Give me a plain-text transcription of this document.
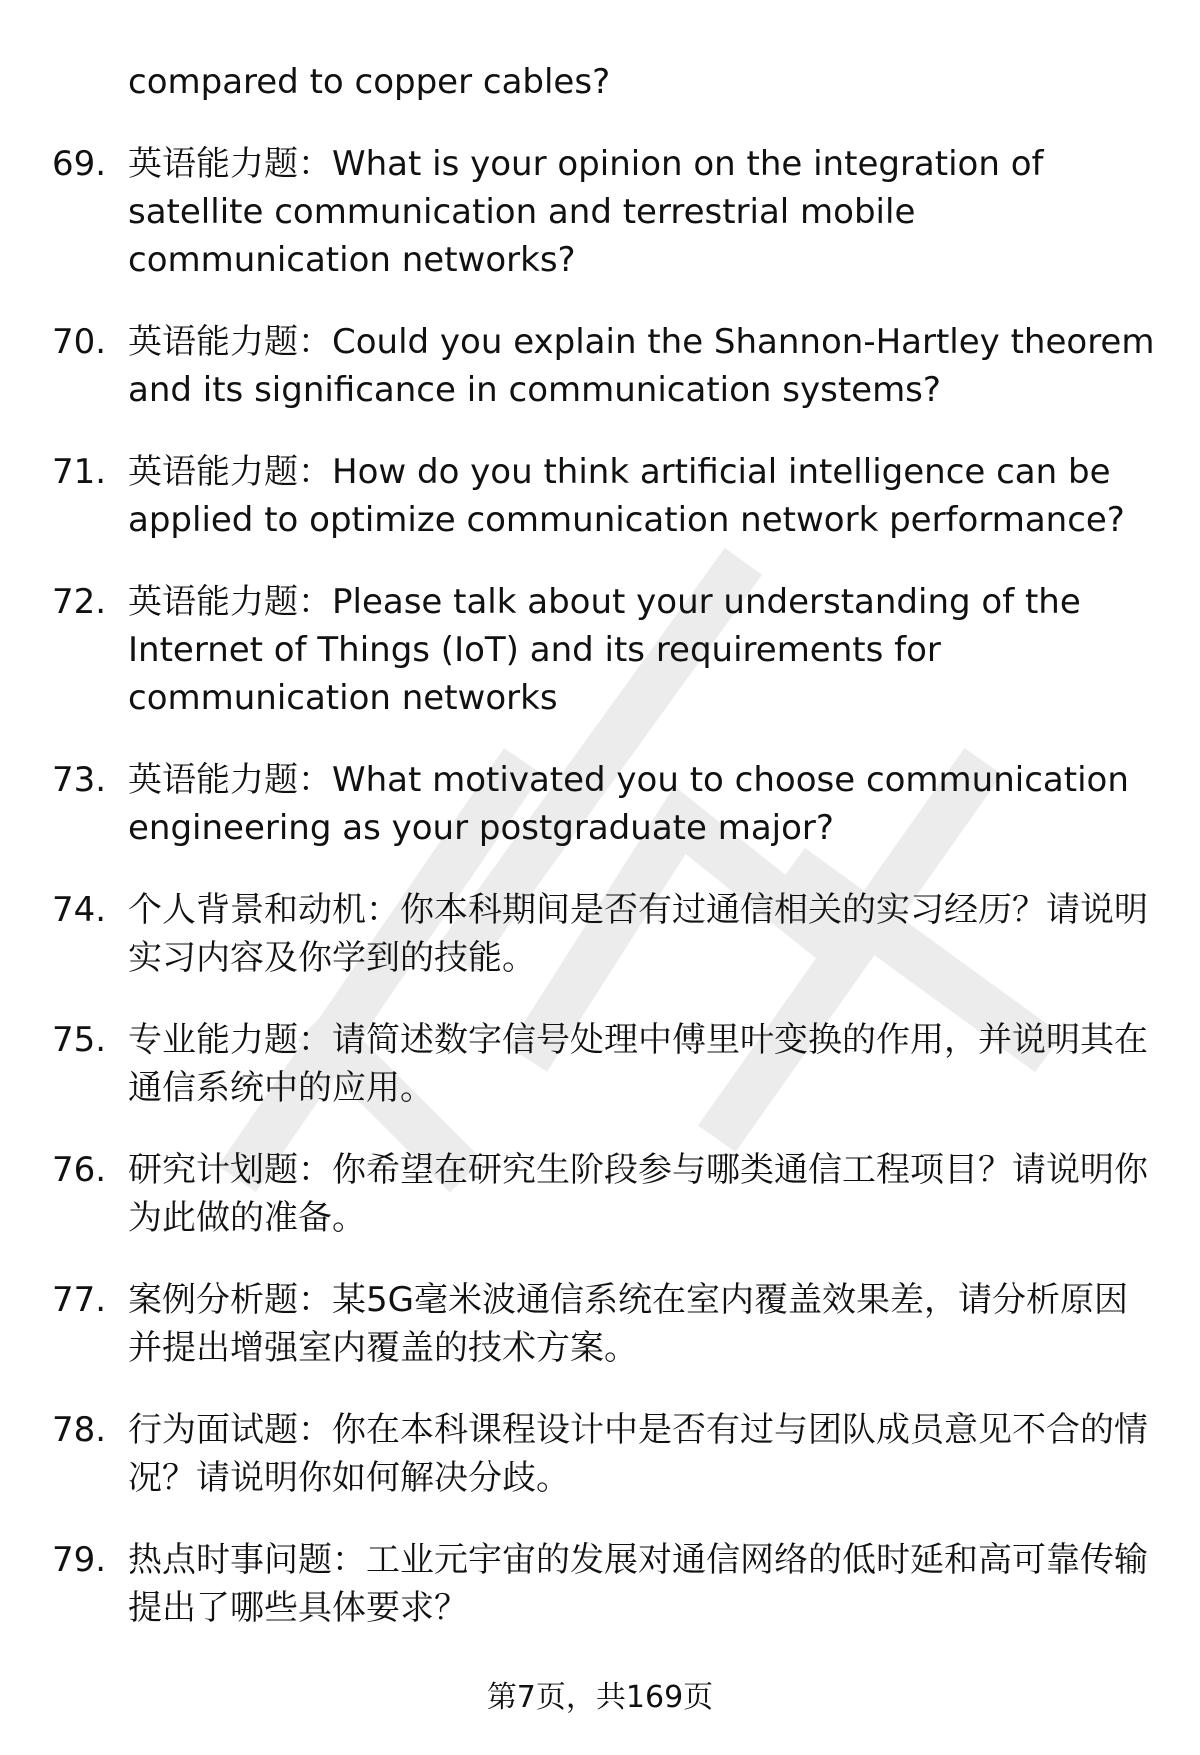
compared to copper cables?

69. 英语能力题：What is your opinion on the integration of satellite communication and terrestrial mobile communication networks?
70. 英语能力题：Could you explain the Shannon-Hartley theorem and its significance in communication systems?
71. 英语能力题：How do you think artificial intelligence can be applied to optimize communication network performance?
72. 英语能力题：Please talk about your understanding of the Internet of Things (IoT) and its requirements for communication networks
73. 英语能力题：What motivated you to choose communication engineering as your postgraduate major?
74. 个人背景和动机：你本科期间是否有过通信相关的实习经历？请说明实习内容及你学到的技能。
75. 专业能力题：请简述数字信号处理中傅里叶变换的作用，并说明其在通信系统中的应用。
76. 研究计划题：你希望在研究生阶段参与哪类通信工程项目？请说明你为此做的准备。
77. 案例分析题：某5G毫米波通信系统在室内覆盖效果差，请分析原因并提出增强室内覆盖的技术方案。
78. 行为面试题：你在本科课程设计中是否有过与团队成员意见不合的情况？请说明你如何解决分歧。
79. 热点时事问题：工业元宇宙的发展对通信网络的低时延和高可靠传输提出了哪些具体要求？
第7页，共169页
